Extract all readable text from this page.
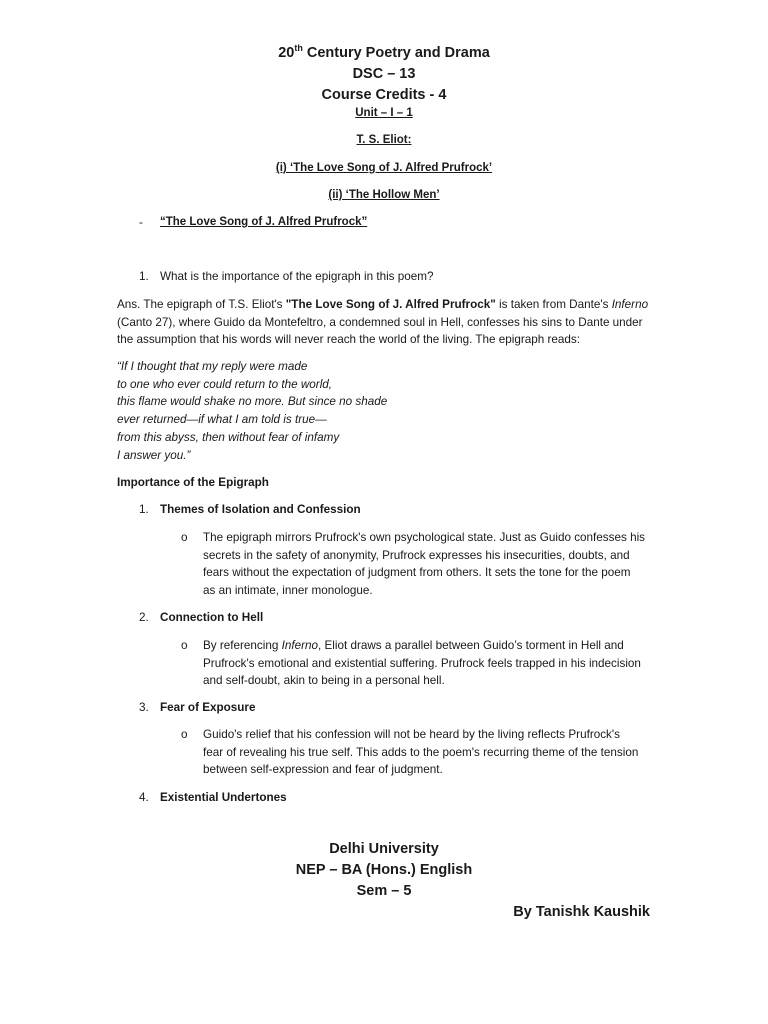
20th Century Poetry and Drama
DSC – 13
Course Credits - 4
Unit – I – 1
T. S. Eliot:
(i) ‘The Love Song of J. Alfred Prufrock’
(ii) ‘The Hollow Men’
- “The Love Song of J. Alfred Prufrock”
1. What is the importance of the epigraph in this poem?
Ans. The epigraph of T.S. Eliot's "The Love Song of J. Alfred Prufrock" is taken from Dante's Inferno
(Canto 27), where Guido da Montefeltro, a condemned soul in Hell, confesses his sins to Dante under
the assumption that his words will never reach the world of the living. The epigraph reads:
“If I thought that my reply were made
to one who ever could return to the world,
this flame would shake no more. But since no shade
ever returned—if what I am told is true—
from this abyss, then without fear of infamy
I answer you.”
Importance of the Epigraph
1. Themes of Isolation and Confession
o The epigraph mirrors Prufrock's own psychological state. Just as Guido confesses his
secrets in the safety of anonymity, Prufrock expresses his insecurities, doubts, and
fears without the expectation of judgment from others. It sets the tone for the poem
as an intimate, inner monologue.
2. Connection to Hell
o By referencing Inferno, Eliot draws a parallel between Guido’s torment in Hell and
Prufrock's emotional and existential suffering. Prufrock feels trapped in his indecision
and self-doubt, akin to being in a personal hell.
3. Fear of Exposure
o Guido's relief that his confession will not be heard by the living reflects Prufrock's
fear of revealing his true self. This adds to the poem's recurring theme of the tension
between self-expression and fear of judgment.
4. Existential Undertones
Delhi University
NEP – BA (Hons.) English
Sem – 5
By Tanishk Kaushik
